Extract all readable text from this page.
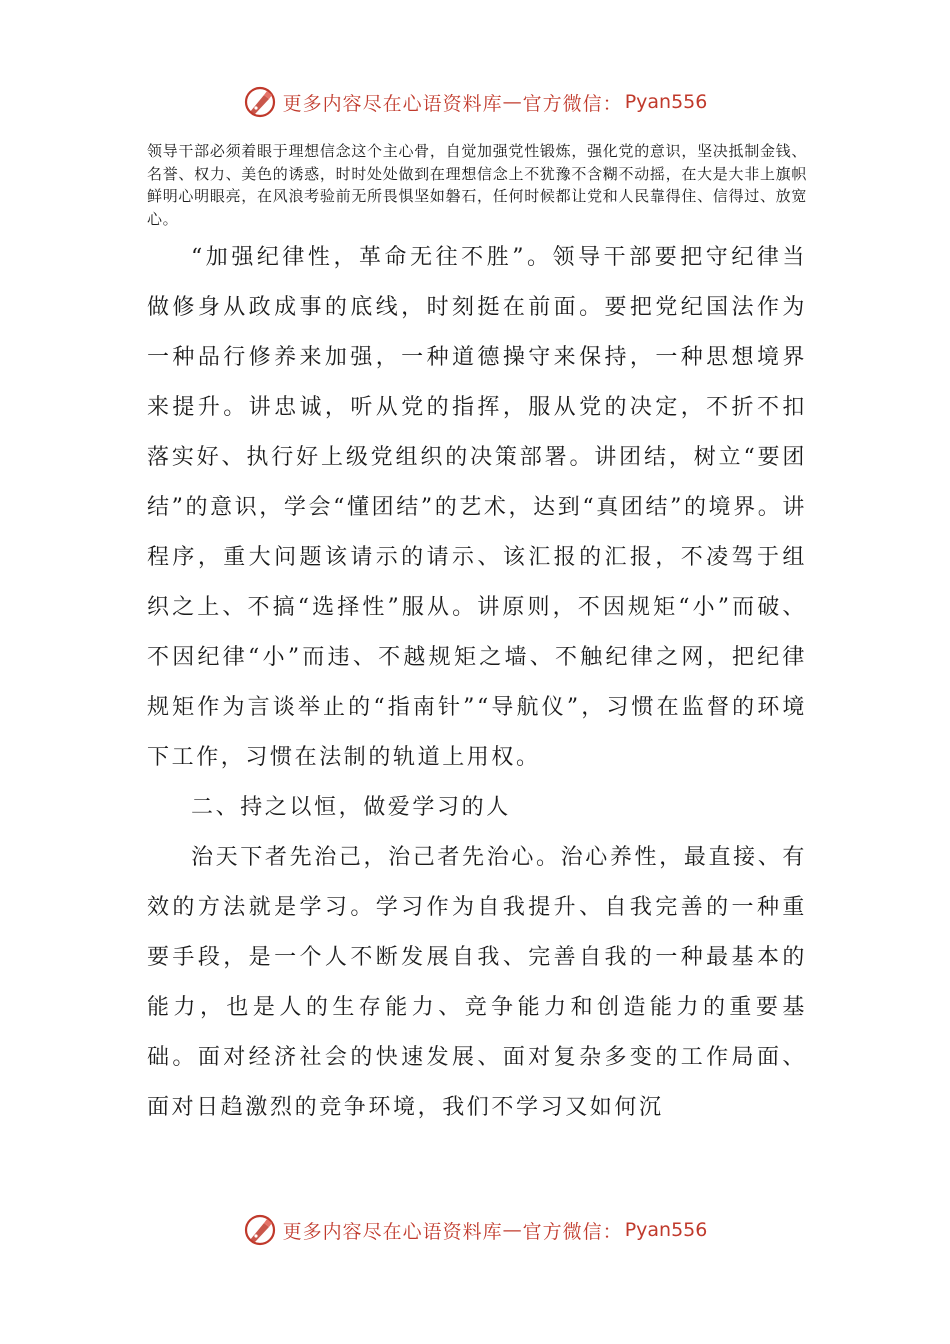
更多内容尽在心语资料库 — 官方微信： Pyan556

领导干部必须着眼于理想信念这个主心骨，自觉加强党性锻炼，强化党的意识，坚决抵制金钱、名誉、权力、美色的诱惑，时时处处做到在理想信念上不犹豫不含糊不动摇，在大是大非上旗帜鲜明心明眼亮，在风浪考验前无所畏惧坚如磐石，任何时候都让党和人民靠得住、信得过、放宽心。

“加强纪律性，革命无往不胜”。领导干部要把守纪律当做修身从政成事的底线，时刻挺在前面。要把党纪国法作为一种品行修养来加强，一种道德操守来保持，一种思想境界来提升。讲忠诚，听从党的指挥，服从党的决定，不折不扣落实好、执行好上级党组织的决策部署。讲团结，树立“要团结”的意识，学会“懂团结”的艺术，达到“真团结”的境界。讲程序，重大问题该请示的请示、该汇报的汇报，不凌驾于组织之上、不搞“选择性”服从。讲原则，不因规矩“小”而破、不因纪律“小”而违、不越规矩之墙、不触纪律之网，把纪律规矩作为言谈举止的“指南针”“导航仪”，习惯在监督的环境下工作，习惯在法制的轨道上用权。

二、持之以恒，做爱学习的人

治天下者先治己，治己者先治心。治心养性，最直接、有效的方法就是学习。学习作为自我提升、自我完善的一种重要手段，是一个人不断发展自我、完善自我的一种最基本的能力，也是人的生存能力、竞争能力和创造能力的重要基础。面对经济社会的快速发展、面对复杂多变的工作局面、面对日趋激烈的竞争环境，我们不学习又如何沉

更多内容尽在心语资料库 — 官方微信： Pyan556
